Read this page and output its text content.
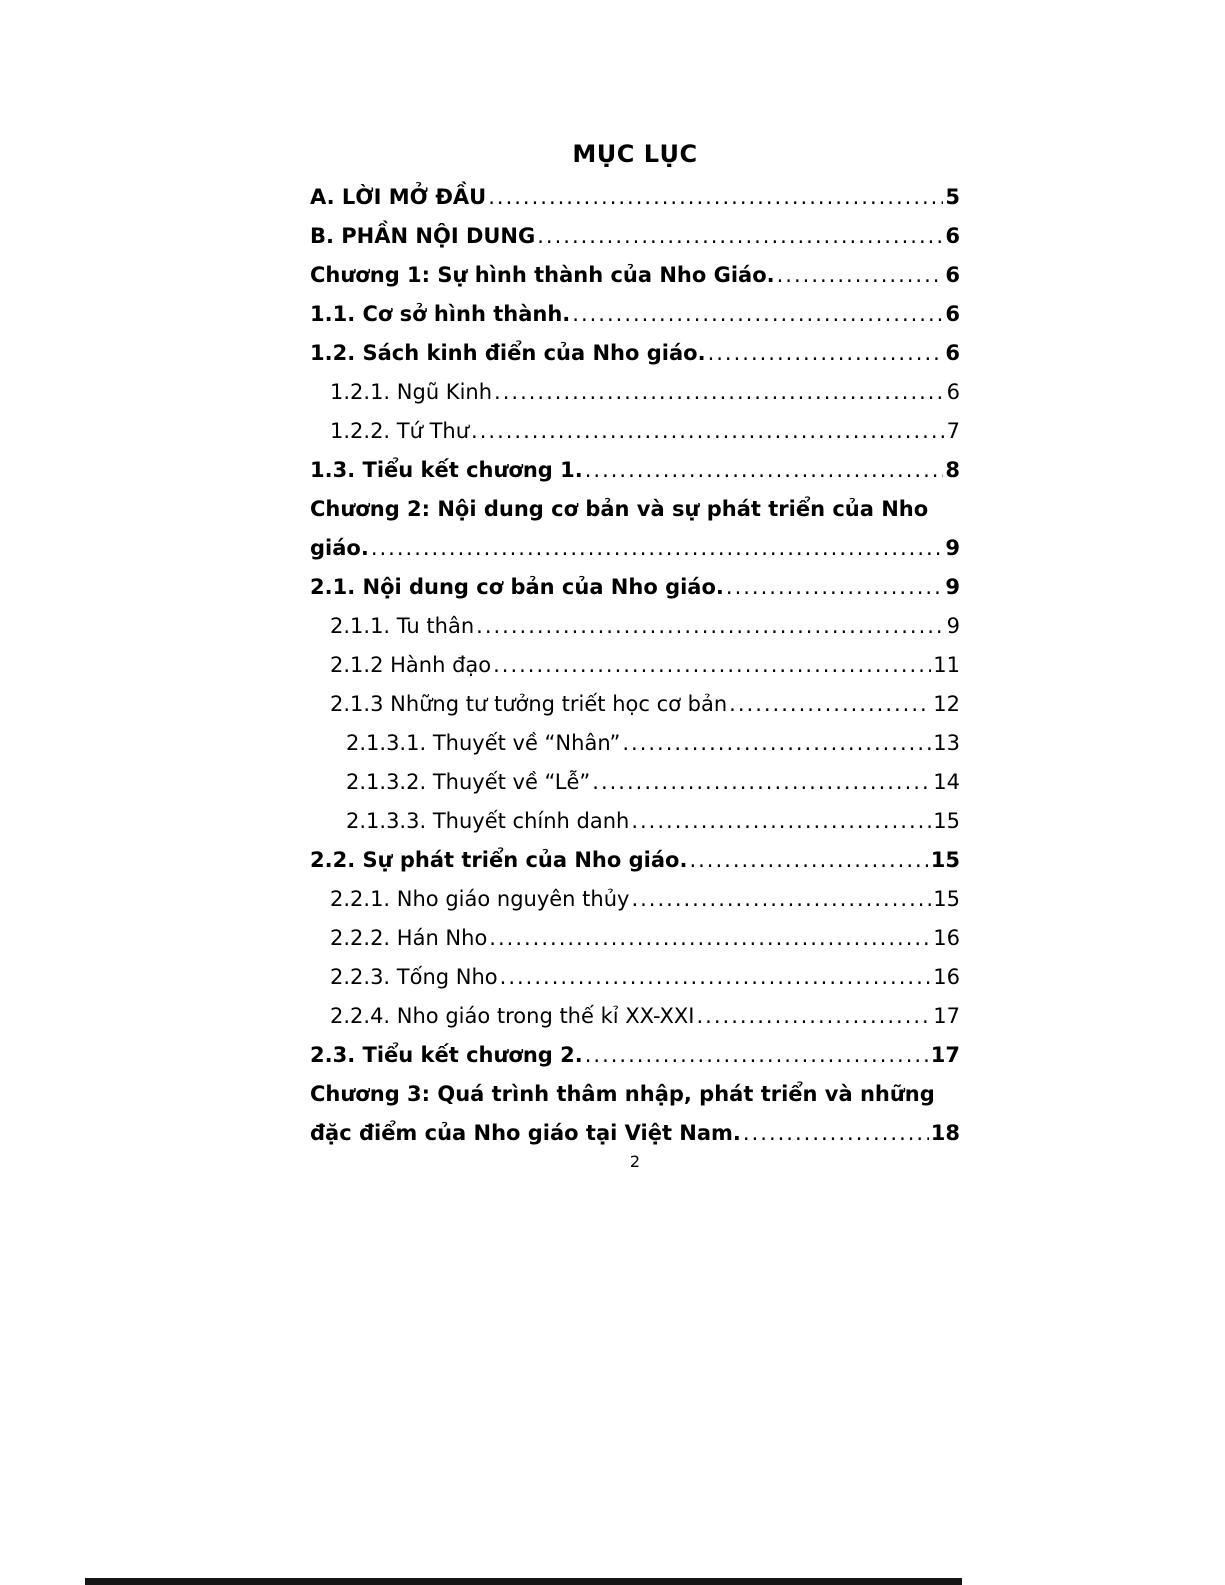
MỤC LỤC
A. LỜI MỞ ĐẦU .....	5
B. PHẦN NỘI DUNG .....	6
Chương 1: Sự hình thành của Nho Giáo. .....	6
1.1. Cơ sở hình thành. .....	6
1.2. Sách kinh điển của Nho giáo. .....	6
1.2.1. Ngũ Kinh .....	6
1.2.2. Tứ Thư .....	7
1.3. Tiểu kết chương 1. .....	8
Chương 2: Nội dung cơ bản và sự phát triển của Nho
giáo. .....	9
2.1. Nội dung cơ bản của Nho giáo. .....	9
2.1.1. Tu thân .....	9
2.1.2 Hành đạo .....	11
2.1.3 Những tư tưởng triết học cơ bản .....	12
2.1.3.1. Thuyết về “Nhân” .....	13
2.1.3.2. Thuyết về “Lễ” .....	14
2.1.3.3. Thuyết chính danh .....	15
2.2. Sự phát triển của Nho giáo. .....	15
2.2.1. Nho giáo nguyên thủy .....	15
2.2.2. Hán Nho .....	16
2.2.3. Tống Nho .....	16
2.2.4. Nho giáo trong thế kỉ XX-XXI .....	17
2.3. Tiểu kết chương 2. .....	17
Chương 3: Quá trình thâm nhập, phát triển và những
đặc điểm của Nho giáo tại Việt Nam. .....	18
2
